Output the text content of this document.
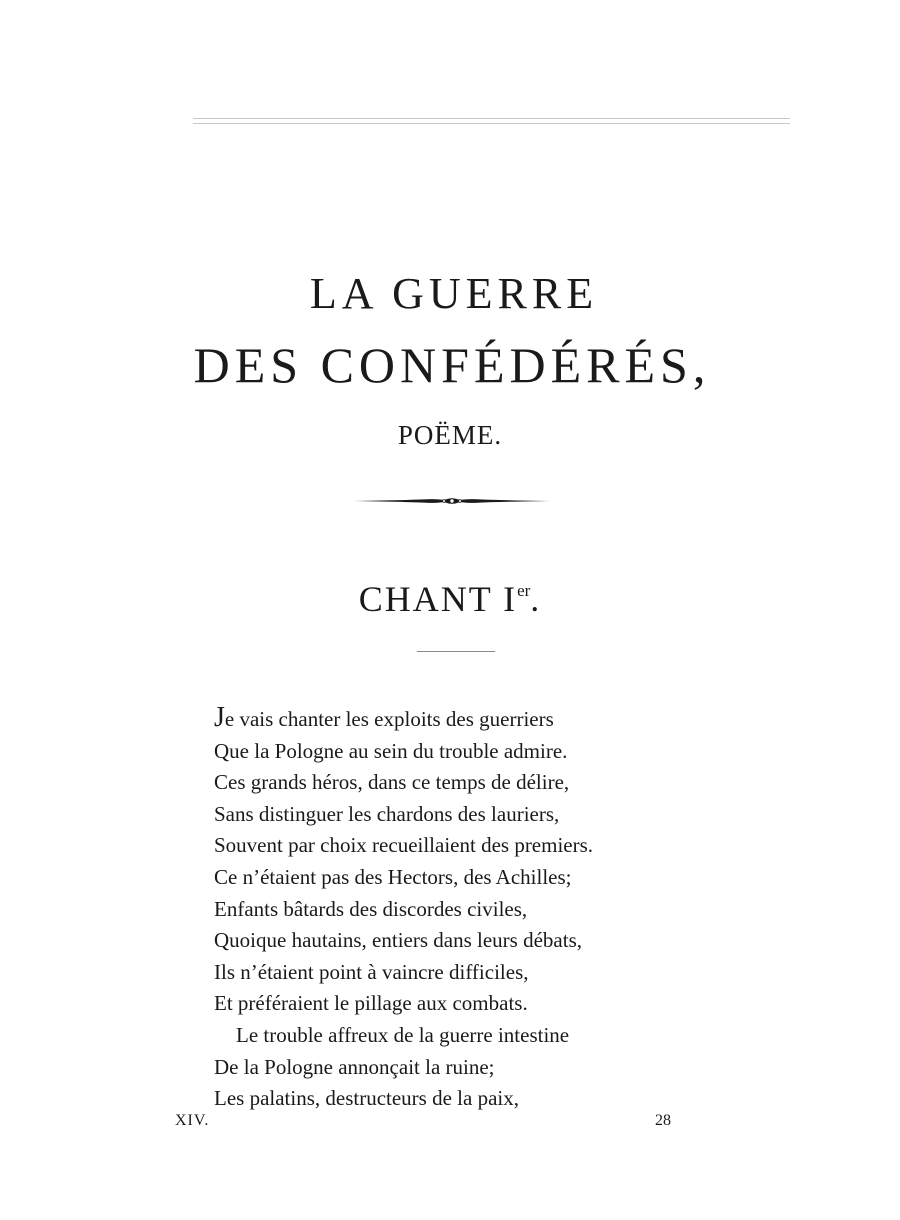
LA GUERRE
DES CONFÉDÉRÉS,
POËME.
CHANT Ier.
Je vais chanter les exploits des guerriers
Que la Pologne au sein du trouble admire.
Ces grands héros, dans ce temps de délire,
Sans distinguer les chardons des lauriers,
Souvent par choix recueillaient des premiers.
Ce n’étaient pas des Hectors, des Achilles;
Enfants bâtards des discordes civiles,
Quoique hautains, entiers dans leurs débats,
Ils n’étaient point à vaincre difficiles,
Et préféraient le pillage aux combats.
Le trouble affreux de la guerre intestine
De la Pologne annonçait la ruine;
Les palatins, destructeurs de la paix,
XIV.	28
